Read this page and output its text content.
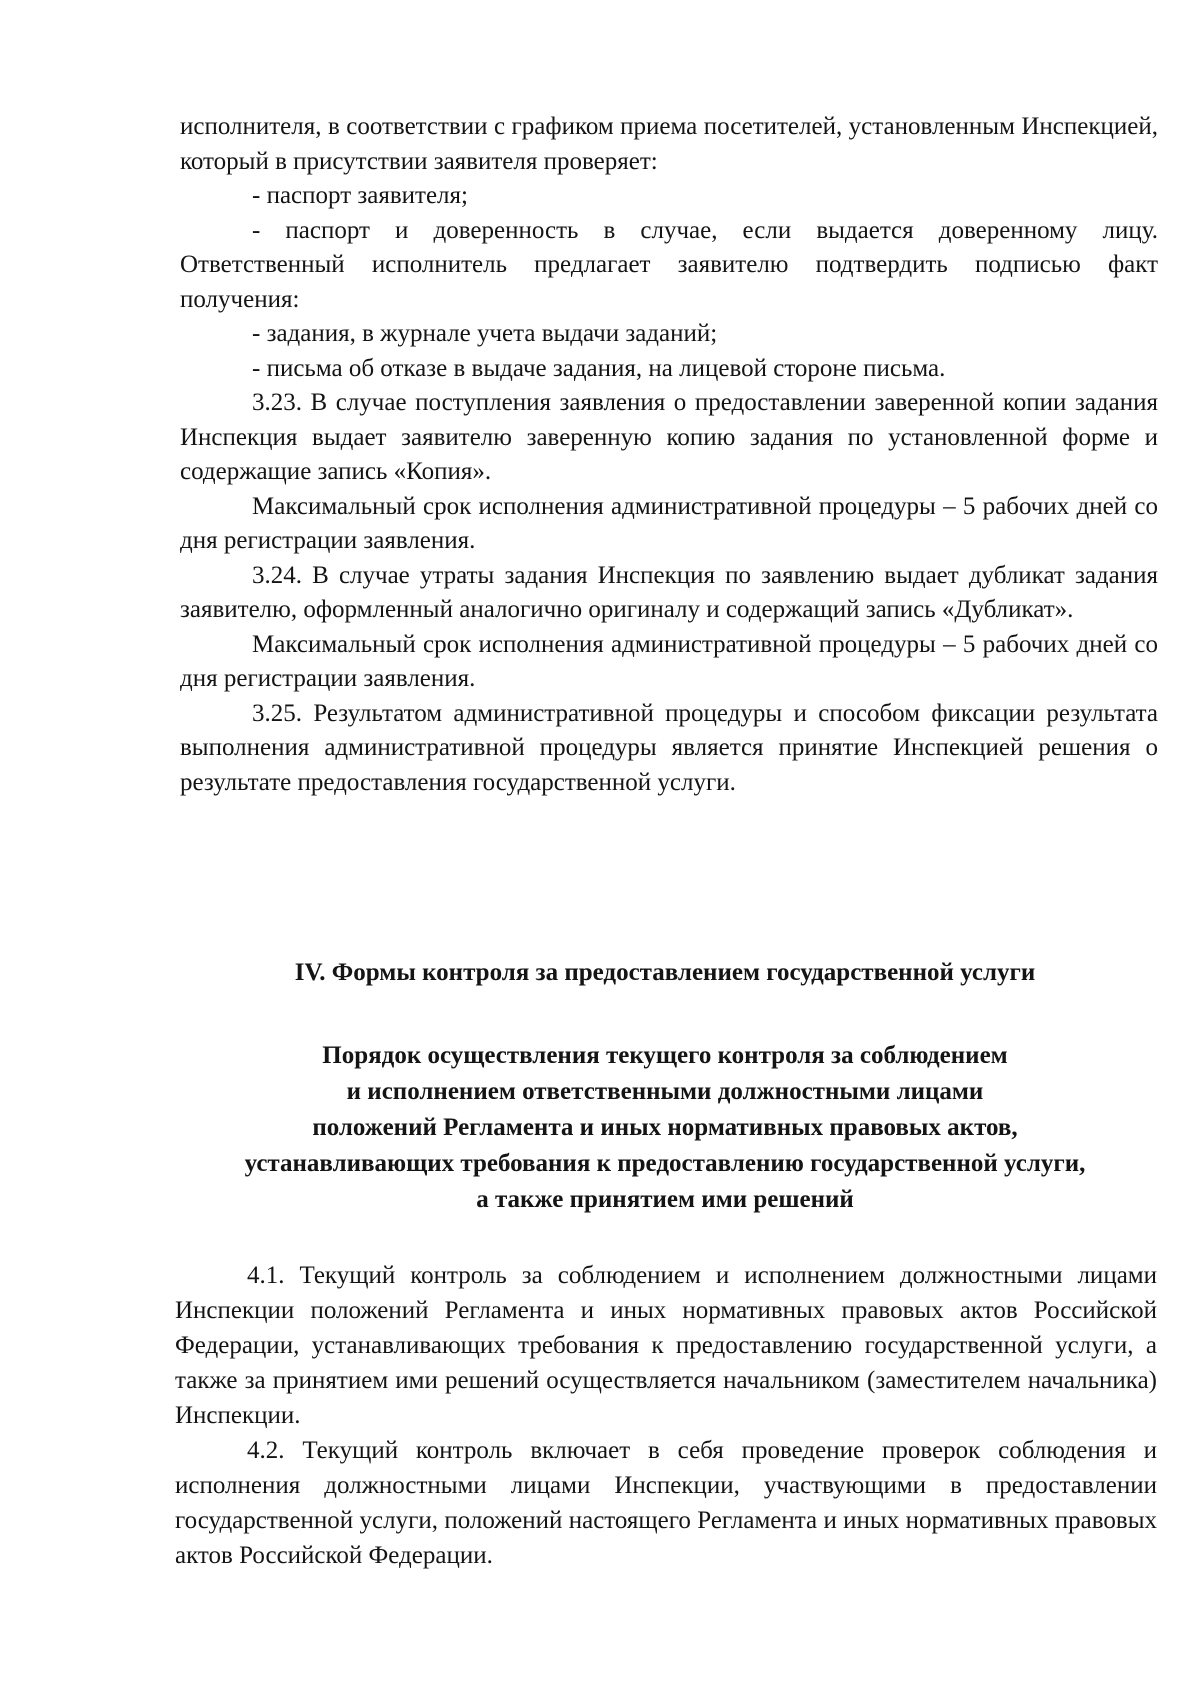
исполнителя, в соответствии с графиком приема посетителей, установленным Инспекцией, который в присутствии заявителя проверяет:

- паспорт заявителя;

- паспорт и доверенность в случае, если выдается доверенному лицу. Ответственный исполнитель предлагает заявителю подтвердить подписью факт получения:

- задания, в журнале учета выдачи заданий;

- письма об отказе в выдаче задания, на лицевой стороне письма.

3.23. В случае поступления заявления о предоставлении заверенной копии задания Инспекция выдает заявителю заверенную копию задания по установленной форме и содержащие запись «Копия».

Максимальный срок исполнения административной процедуры – 5 рабочих дней со дня регистрации заявления.

3.24. В случае утраты задания Инспекция по заявлению выдает дубликат задания заявителю, оформленный аналогично оригиналу и содержащий запись «Дубликат».

Максимальный срок исполнения административной процедуры – 5 рабочих дней со дня регистрации заявления.

3.25. Результатом административной процедуры и способом фиксации результата выполнения административной процедуры является принятие Инспекцией решения о результате предоставления государственной услуги.

IV. Формы контроля за предоставлением государственной услуги

Порядок осуществления текущего контроля за соблюдением

и исполнением ответственными должностными лицами

положений Регламента и иных нормативных правовых актов,

устанавливающих требования к предоставлению государственной услуги,

а также принятием ими решений

4.1. Текущий контроль за соблюдением и исполнением должностными лицами Инспекции положений Регламента и иных нормативных правовых актов Российской Федерации, устанавливающих требования к предоставлению государственной услуги, а также за принятием ими решений осуществляется начальником (заместителем начальника) Инспекции.

4.2. Текущий контроль включает в себя проведение проверок соблюдения и исполнения должностными лицами Инспекции, участвующими в предоставлении государственной услуги, положений настоящего Регламента и иных нормативных правовых актов Российской Федерации.
